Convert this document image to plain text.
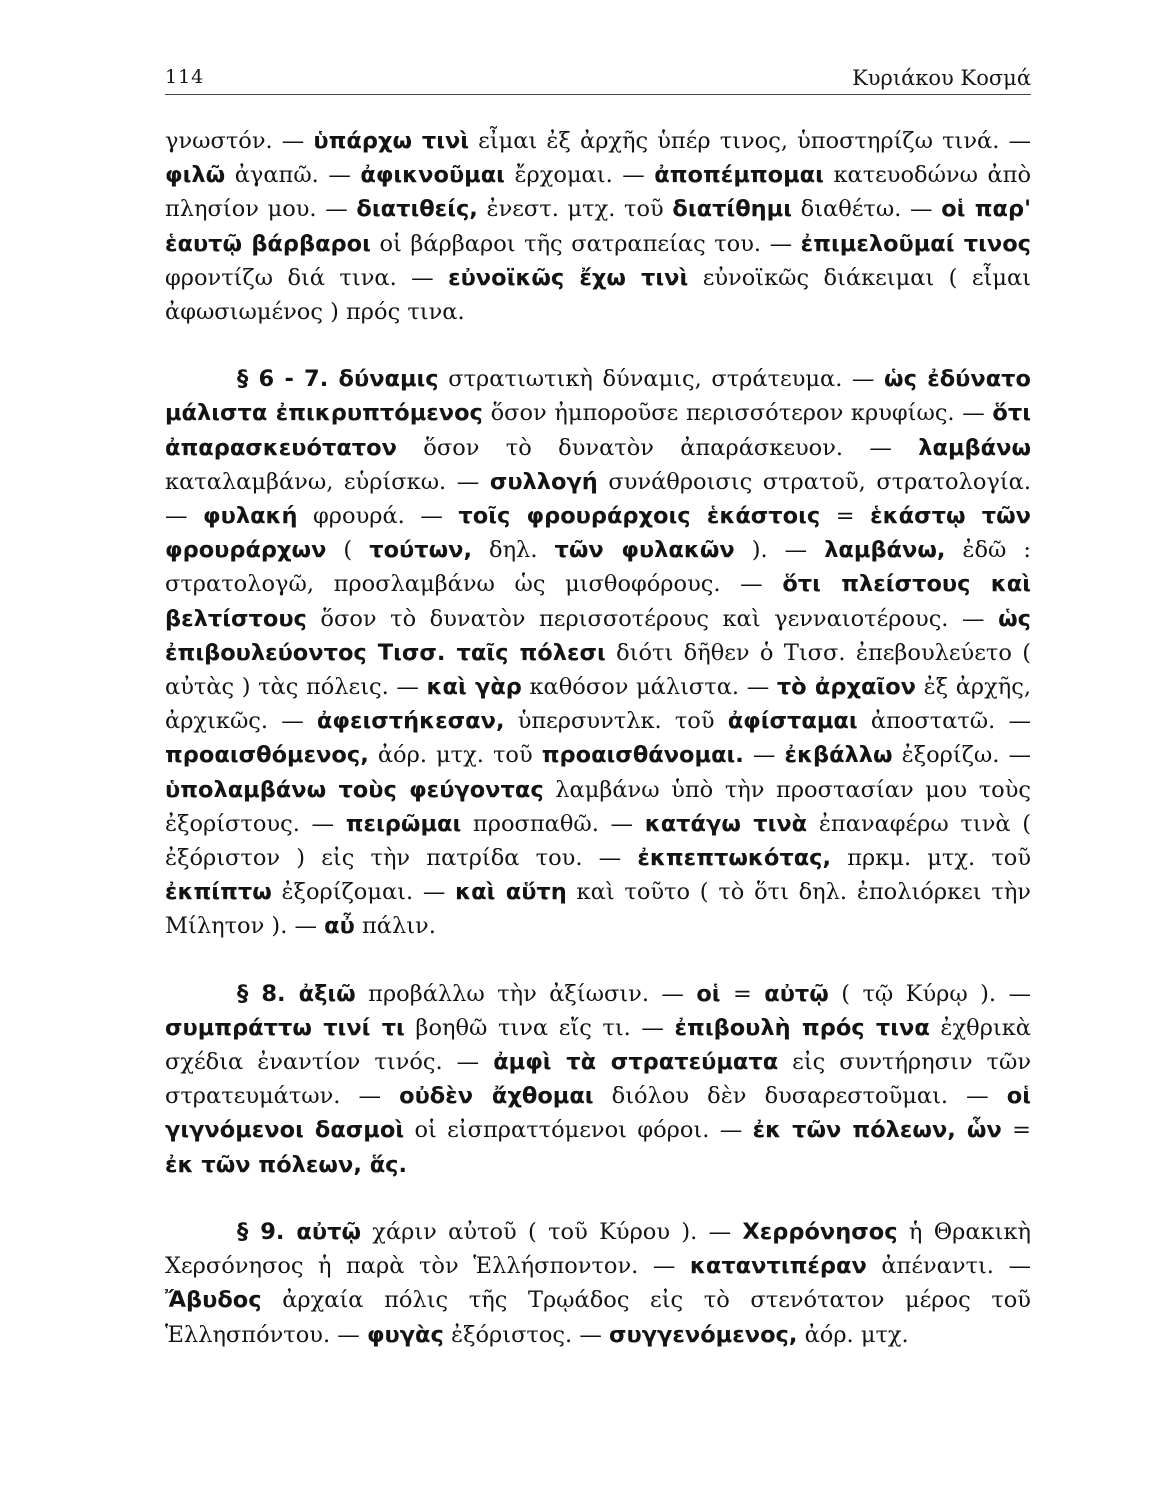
114	Κυριάκου Κοσμά

γνωστόν. — ὑπάρχω τινὶ εἶμαι ἐξ ἀρχῆς ὑπέρ τινος, ὑποστηρίζω τινά. — φιλῶ ἀγαπῶ. — ἀφικνοῦμαι ἔρχομαι. — ἀποπέμπομαι κατευοδώνω ἀπὸ πλησίον μου. — διατιθείς, ἐνεστ. μτχ. τοῦ διατίθημι διαθέτω. — οἱ παρ' ἑαυτῷ βάρβαροι οἱ βάρβαροι τῆς σατραπείας του. — ἐπιμελοῦμαί τινος φροντίζω διά τινα. — εὐνοϊκῶς ἔχω τινὶ εὐνοϊκῶς διάκειμαι ( εἶμαι ἀφωσιωμένος ) πρός τινα.

§ 6 - 7. δύναμις στρατιωτικὴ δύναμις, στράτευμα. — ὡς ἐδύνατο μάλιστα ἐπικρυπτόμενος ὅσον ἠμποροῦσε περισσότερον κρυφίως. — ὅτι ἀπαρασκευότατον ὅσον τὸ δυνατὸν ἀπαράσκευον. — λαμβάνω καταλαμβάνω, εὑρίσκω. — συλλογή συνάθροισις στρατοῦ, στρατολογία. — φυλακή φρουρά. — τοῖς φρουράρχοις ἑκάστοις = ἑκάστῳ τῶν φρουράρχων ( τούτων, δηλ. τῶν φυλακῶν ). — λαμβάνω, ἐδῶ : στρατολογῶ, προσλαμβάνω ὡς μισθοφόρους. — ὅτι πλείστους καὶ βελτίστους ὅσον τὸ δυνατὸν περισσοτέρους καὶ γενναιοτέρους. — ὡς ἐπιβουλεύοντος Τισσ. ταῖς πόλεσι διότι δῆθεν ὁ Τισσ. ἐπεβουλεύετο ( αὐτὰς ) τὰς πόλεις. — καὶ γὰρ καθόσον μάλιστα. — τὸ ἀρχαῖον ἐξ ἀρχῆς, ἀρχικῶς. — ἀφειστήκεσαν, ὑπερσυντλκ. τοῦ ἀφίσταμαι ἀποστατῶ. — προαισθόμενος, ἀόρ. μτχ. τοῦ προαισθάνομαι. — ἐκβάλλω ἐξορίζω. — ὑπολαμβάνω τοὺς φεύγοντας λαμβάνω ὑπὸ τὴν προστασίαν μου τοὺς ἐξορίστους. — πειρῶμαι προσπαθῶ. — κατάγω τινὰ ἐπαναφέρω τινὰ ( ἐξόριστον ) εἰς τὴν πατρίδα του. — ἐκπεπτωκότας, πρκμ. μτχ. τοῦ ἐκπίπτω ἐξορίζομαι. — καὶ αὕτη καὶ τοῦτο ( τὸ ὅτι δηλ. ἐπολιόρκει τὴν Μίλητον ). — αὖ πάλιν.

§ 8. ἀξιῶ προβάλλω τὴν ἀξίωσιν. — οἱ = αὐτῷ ( τῷ Κύρῳ ). — συμπράττω τινί τι βοηθῶ τινα εἴς τι. — ἐπιβουλὴ πρός τινα ἐχθρικὰ σχέδια ἐναντίον τινός. — ἀμφὶ τὰ στρατεύματα εἰς συντήρησιν τῶν στρατευμάτων. — οὐδὲν ἄχθομαι διόλου δὲν δυσαρεστοῦμαι. — οἱ γιγνόμενοι δασμοὶ οἱ εἰσπραττόμενοι φόροι. — ἐκ τῶν πόλεων, ὧν = ἐκ τῶν πόλεων, ἅς.

§ 9. αὐτῷ χάριν αὐτοῦ ( τοῦ Κύρου ). — Χερρόνησος ἡ Θρακικὴ Χερσόνησος ἡ παρὰ τὸν Ἑλλήσποντον. — καταντιπέραν ἀπέναντι. — Ἄβυδος ἀρχαία πόλις τῆς Τρῳάδος εἰς τὸ στενότατον μέρος τοῦ Ἑλλησπόντου. — φυγὰς ἐξόριστος. — συγγενόμενος, ἀόρ. μτχ.
